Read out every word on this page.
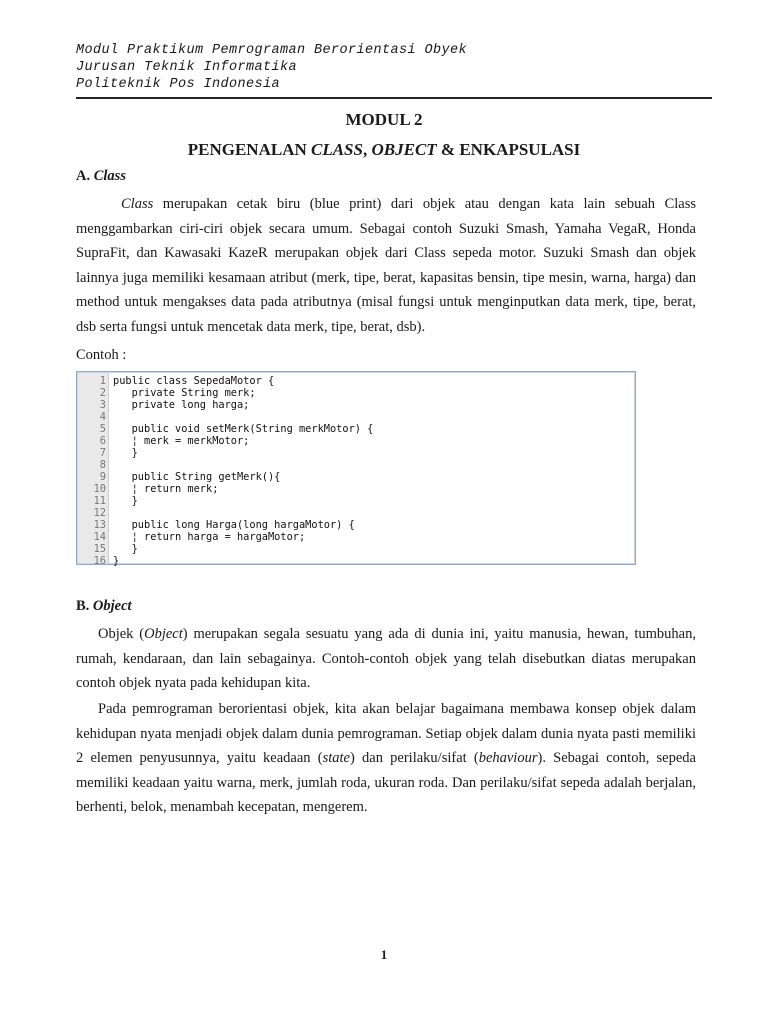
Modul Praktikum Pemrograman Berorientasi Obyek
Jurusan Teknik Informatika
Politeknik Pos Indonesia
MODUL 2
PENGENALAN CLASS, OBJECT & ENKAPSULASI
A. Class

Class merupakan cetak biru (blue print) dari objek atau dengan kata lain sebuah Class menggambarkan ciri-ciri objek secara umum. Sebagai contoh Suzuki Smash, Yamaha VegaR, Honda SupraFit, dan Kawasaki KazeR merupakan objek dari Class sepeda motor. Suzuki Smash dan objek lainnya juga memiliki kesamaan atribut (merk, tipe, berat, kapasitas bensin, tipe mesin, warna, harga) dan method untuk mengakses data pada atributnya (misal fungsi untuk menginputkan data merk, tipe, berat, dsb serta fungsi untuk mencetak data merk, tipe, berat, dsb).

Contoh :
1 public class SepedaMotor {
2 private String merk;
3 private long harga;
4
5 public void setMerk(String merkMotor) {
6 ¦ merk = merkMotor;
7 }
8
9 public String getMerk(){
10 ¦ return merk;
11 }
12
13 public long Harga(long hargaMotor) {
14 ¦ return harga = hargaMotor;
15 }
16 }
B. Object

Objek (Object) merupakan segala sesuatu yang ada di dunia ini, yaitu manusia, hewan, tumbuhan, rumah, kendaraan, dan lain sebagainya. Contoh-contoh objek yang telah disebutkan diatas merupakan contoh objek nyata pada kehidupan kita.

Pada pemrograman berorientasi objek, kita akan belajar bagaimana membawa konsep objek dalam kehidupan nyata menjadi objek dalam dunia pemrograman. Setiap objek dalam dunia nyata pasti memiliki 2 elemen penyusunnya, yaitu keadaan (state) dan perilaku/sifat (behaviour). Sebagai contoh, sepeda memiliki keadaan yaitu warna, merk, jumlah roda, ukuran roda. Dan perilaku/sifat sepeda adalah berjalan, berhenti, belok, menambah kecepatan, mengerem.

1
